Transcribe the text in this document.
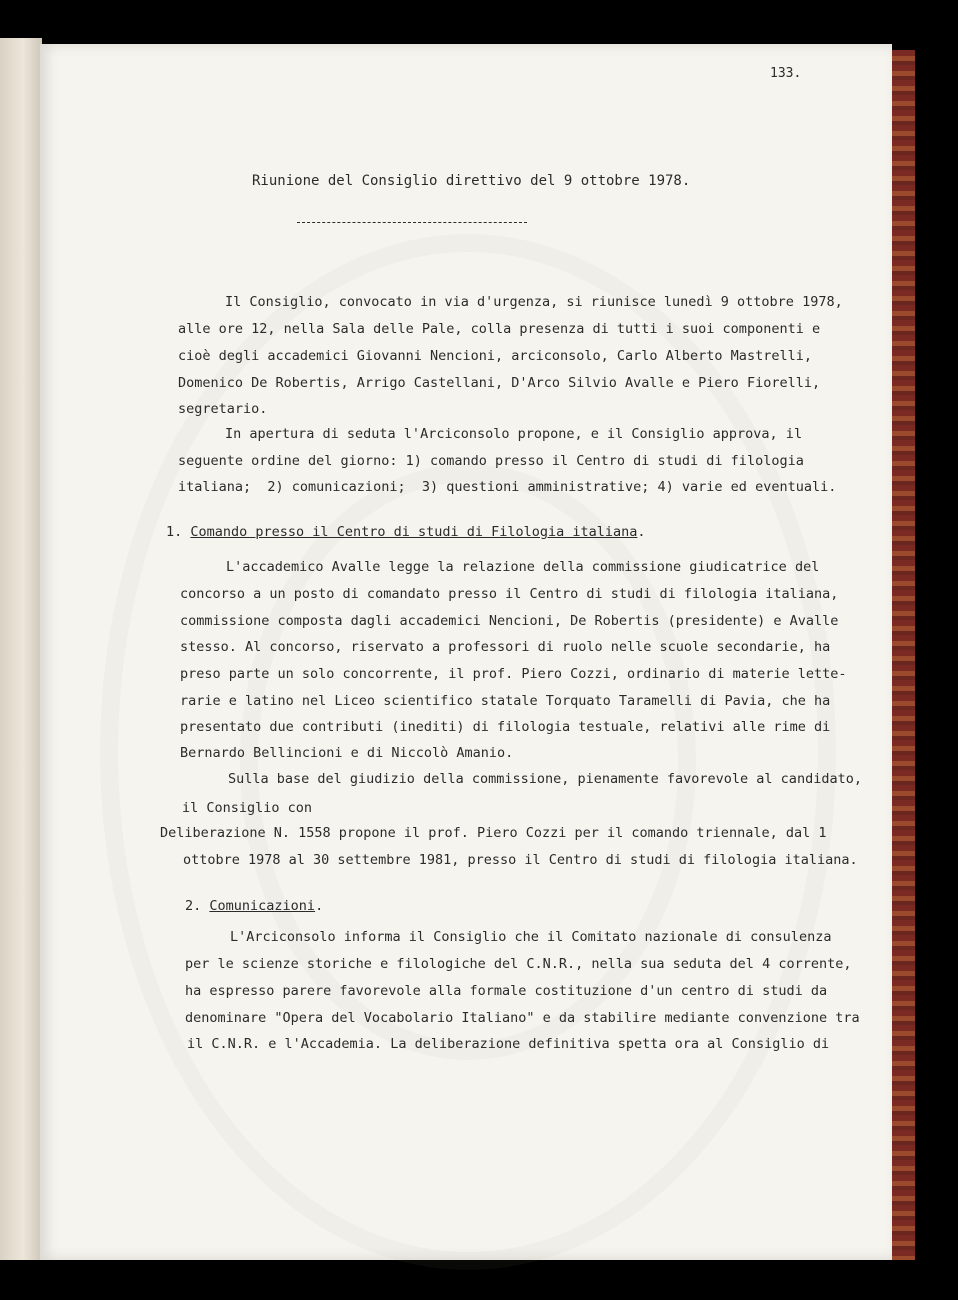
133.
Riunione del Consiglio direttivo del 9 ottobre 1978.
Il Consiglio, convocato in via d'urgenza, si riunisce lunedì 9 ottobre 1978,
alle ore 12, nella Sala delle Pale, colla presenza di tutti i suoi componenti e
cioè degli accademici Giovanni Nencioni, arciconsolo, Carlo Alberto Mastrelli,
Domenico De Robertis, Arrigo Castellani, D'Arco Silvio Avalle e Piero Fiorelli,
segretario.
In apertura di seduta l'Arciconsolo propone, e il Consiglio approva, il
seguente ordine del giorno: 1) comando presso il Centro di studi di filologia
italiana;  2) comunicazioni;  3) questioni amministrative; 4) varie ed eventuali.
1. Comando presso il Centro di studi di Filologia italiana.
L'accademico Avalle legge la relazione della commissione giudicatrice del
concorso a un posto di comandato presso il Centro di studi di filologia italiana,
commissione composta dagli accademici Nencioni, De Robertis (presidente) e Avalle
stesso. Al concorso, riservato a professori di ruolo nelle scuole secondarie, ha
preso parte un solo concorrente, il prof. Piero Cozzi, ordinario di materie lette-
rarie e latino nel Liceo scientifico statale Torquato Taramelli di Pavia, che ha
presentato due contributi (inediti) di filologia testuale, relativi alle rime di
Bernardo Bellincioni e di Niccolò Amanio.
Sulla base del giudizio della commissione, pienamente favorevole al candidato,
il Consiglio con
Deliberazione N. 1558 propone il prof. Piero Cozzi per il comando triennale, dal 1
ottobre 1978 al 30 settembre 1981, presso il Centro di studi di filologia italiana.
2. Comunicazioni.
L'Arciconsolo informa il Consiglio che il Comitato nazionale di consulenza
per le scienze storiche e filologiche del C.N.R., nella sua seduta del 4 corrente,
ha espresso parere favorevole alla formale costituzione d'un centro di studi da
denominare "Opera del Vocabolario Italiano" e da stabilire mediante convenzione tra
il C.N.R. e l'Accademia. La deliberazione definitiva spetta ora al Consiglio di
